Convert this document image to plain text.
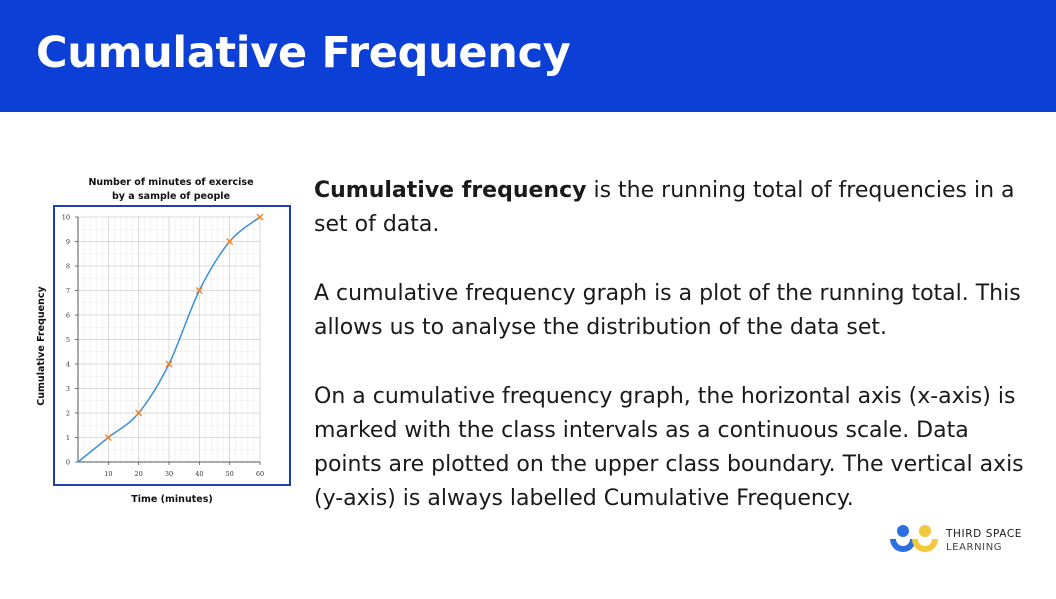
Cumulative Frequency
Number of minutes of exercise
by a sample of people
0
1
2
3
4
5
6
7
8
9
10
10	20	30	40	50	60
Cumulative Frequency
Time (minutes)

Cumulative frequency is the running total of frequencies in a set of data.

A cumulative frequency graph is a plot of the running total. This allows us to analyse the distribution of the data set.

On a cumulative frequency graph, the horizontal axis (x-axis) is marked with the class intervals as a continuous scale. Data points are plotted on the upper class boundary. The vertical axis (y-axis) is always labelled Cumulative Frequency.

THIRD SPACE
LEARNING
